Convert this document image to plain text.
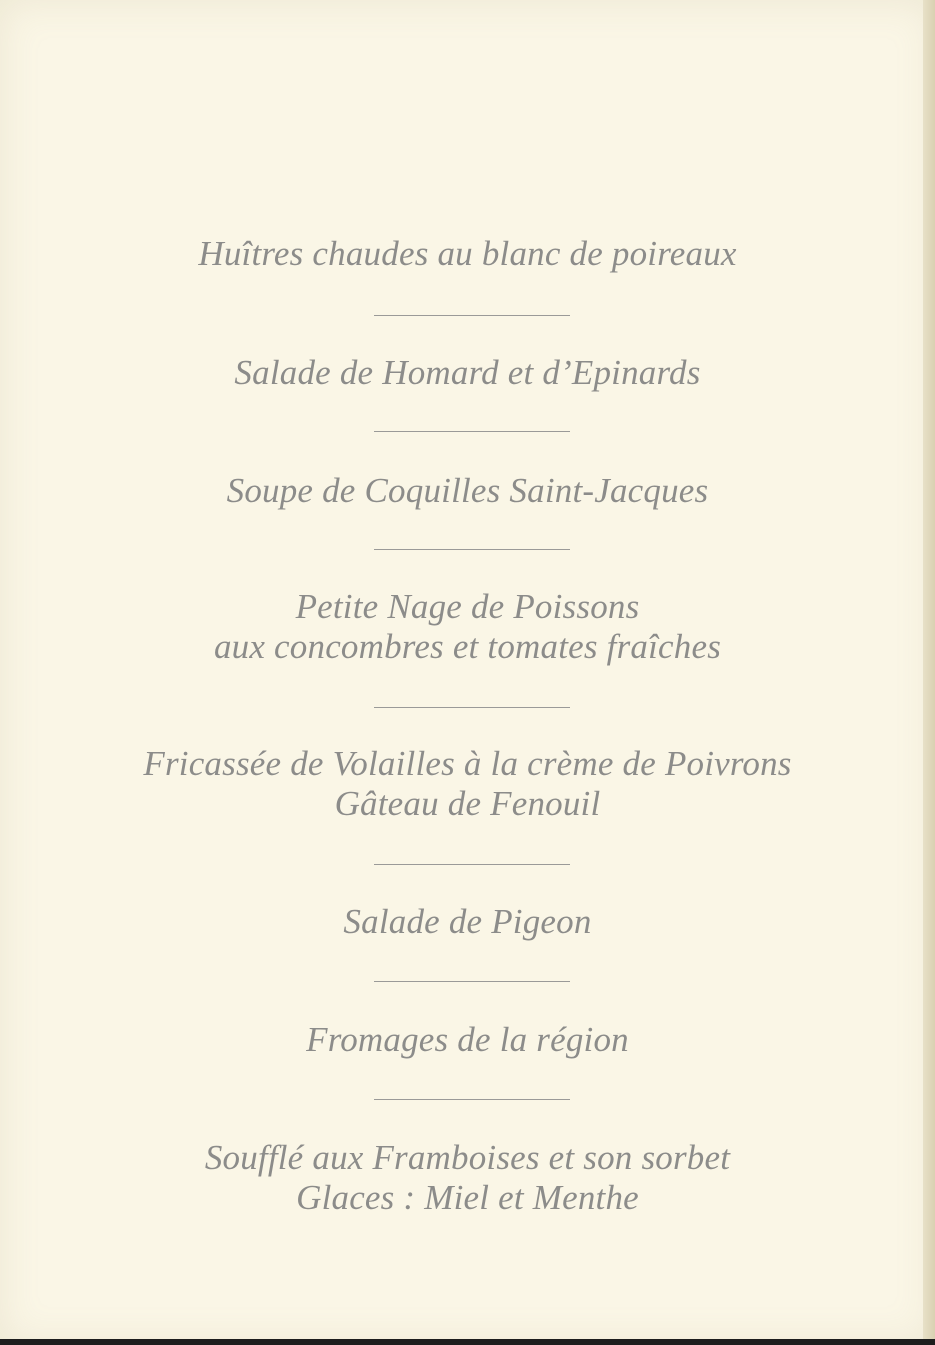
Huîtres chaudes au blanc de poireaux
Salade de Homard et d’Epinards
Soupe de Coquilles Saint-Jacques
Petite Nage de Poissons
aux concombres et tomates fraîches
Fricassée de Volailles à la crème de Poivrons
Gâteau de Fenouil
Salade de Pigeon
Fromages de la région
Soufflé aux Framboises et son sorbet
Glaces : Miel et Menthe
